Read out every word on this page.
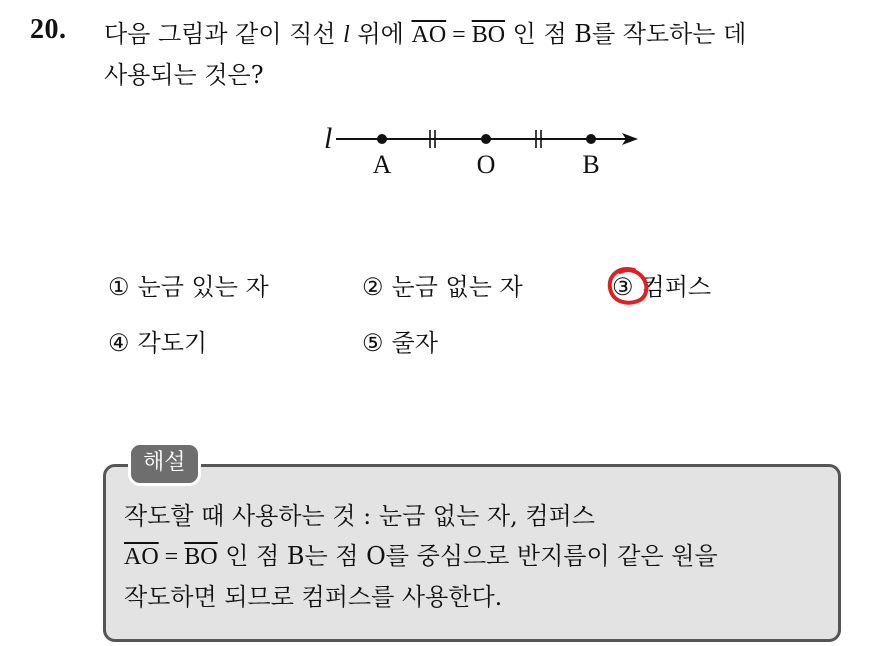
20. 다음 그림과 같이 직선 l 위에 $\overline{AO} = \overline{BO}$ 인 점 B를 작도하는 데
사용되는 것은?
l
A	O	B
① 눈금 있는 자	② 눈금 없는 자	③ 컴퍼스
④ 각도기	⑤ 줄자
해설
작도할 때 사용하는 것 : 눈금 없는 자, 컴퍼스
$\overline{AO} = \overline{BO}$ 인 점 B는 점 O를 중심으로 반지름이 같은 원을
작도하면 되므로 컴퍼스를 사용한다.
